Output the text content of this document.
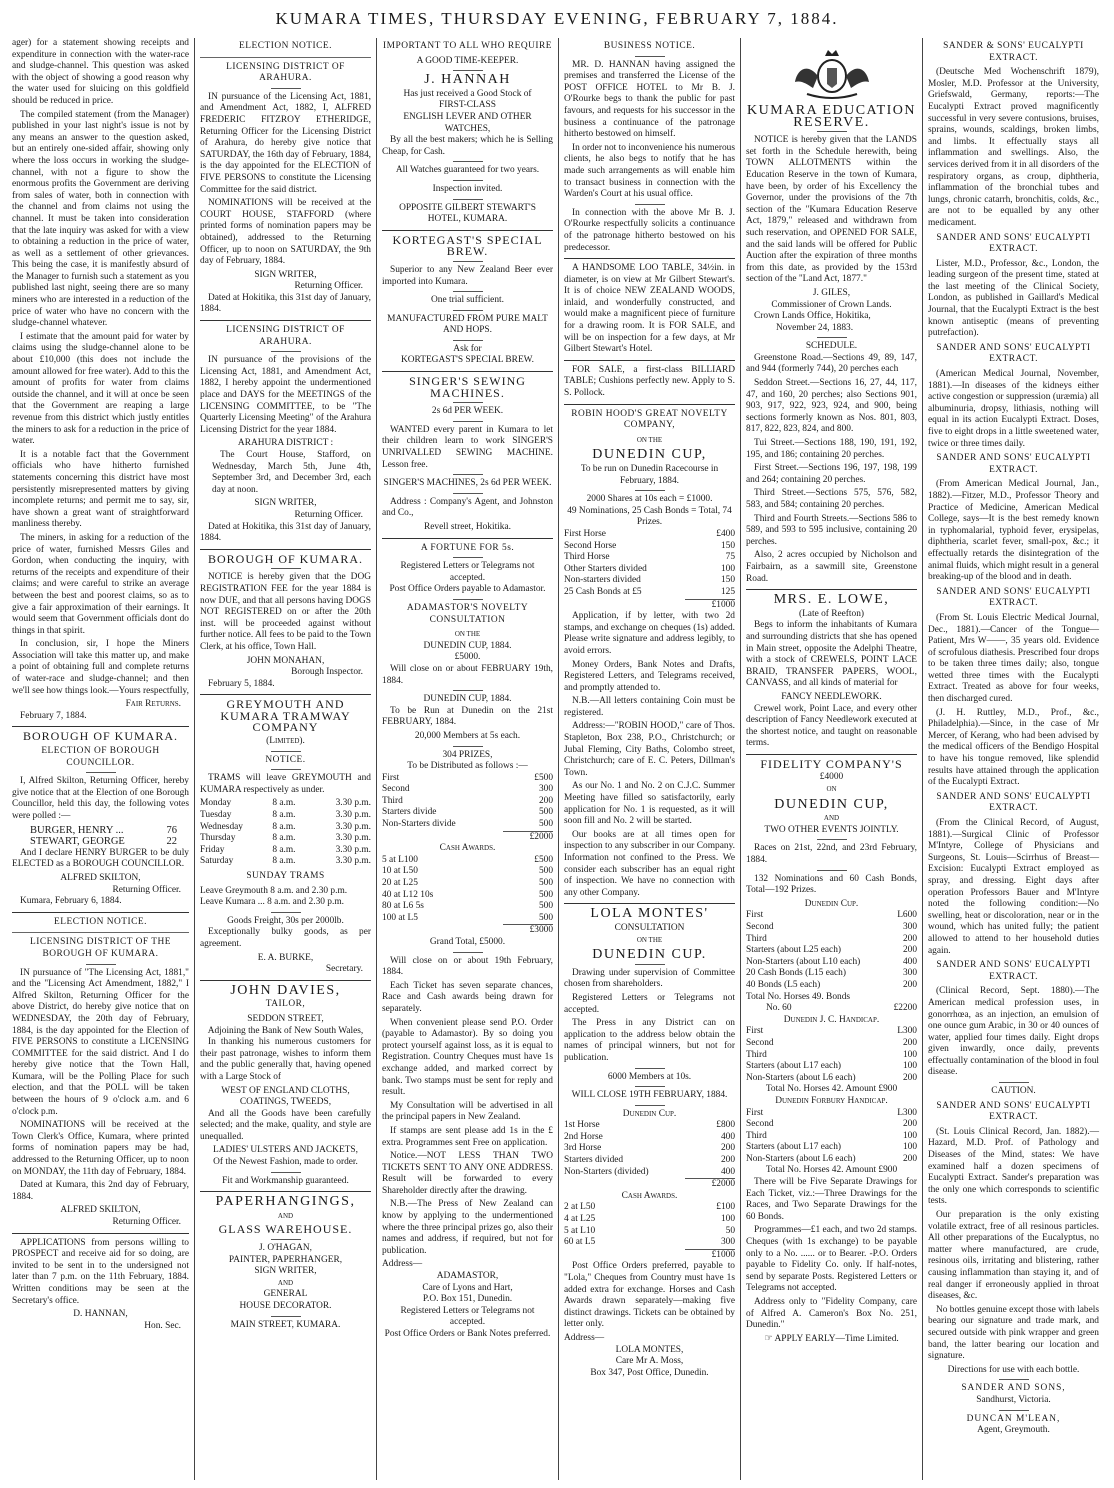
KUMARA TIMES, THURSDAY EVENING, FEBRUARY 7, 1884.

ager) for a statement showing receipts and expenditure in connection with the water-race and sludge-channel. This question was asked with the object of showing a good reason why the water used for sluicing on this goldfield should be reduced in price.

The compiled statement (from the Manager) published in your last night's issue is not by any means an answer to the question asked, but an entirely one-sided affair, showing only where the loss occurs in working the sludge-channel, with not a figure to show the enormous profits the Government are deriving from sales of water, both in connection with the channel and from claims not using the channel. It must be taken into consideration that the late inquiry was asked for with a view to obtaining a reduction in the price of water, as well as a settlement of other grievances. This being the case, it is manifestly absurd of the Manager to furnish such a statement as you published last night, seeing there are so many miners who are interested in a reduction of the price of water who have no concern with the sludge-channel whatever.

I estimate that the amount paid for water by claims using the sludge-channel alone to be about £10,000 (this does not include the amount allowed for free water). Add to this the amount of profits for water from claims outside the channel, and it will at once be seen that the Government are reaping a large revenue from this district which justly entitles the miners to ask for a reduction in the price of water.

It is a notable fact that the Government officials who have hitherto furnished statements concerning this district have most persistently misrepresented matters by giving incomplete returns; and permit me to say, sir, have shown a great want of straightforward manliness thereby.

The miners, in asking for a reduction of the price of water, furnished Messrs Giles and Gordon, when conducting the inquiry, with returns of the receipts and expenditure of their claims; and were careful to strike an average between the best and poorest claims, so as to give a fair approximation of their earnings. It would seem that Government officials dont do things in that spirit.

In conclusion, sir, I hope the Miners Association will take this matter up, and make a point of obtaining full and complete returns of water-race and sludge-channel; and then we'll see how things look.—Yours respectfully,

Fair Returns.
February 7, 1884.
BOROUGH OF KUMARA.
ELECTION OF BOROUGH COUNCILLOR.

I, Alfred Skilton, Returning Officer, hereby give notice that at the Election of one Borough Councillor, held this day, the following votes were polled :—

BURGER, HENRY ...	76
STEWART, GEORGE	22

And I declare HENRY BURGER to be duly ELECTED as a BOROUGH COUNCILLOR.

ALFRED SKILTON,
Returning Officer.
Kumara, February 6, 1884.
ELECTION NOTICE.
LICENSING DISTRICT OF THE BOROUGH OF KUMARA.

IN pursuance of "The Licensing Act, 1881," and the "Licensing Act Amendment, 1882," I Alfred Skilton, Returning Officer for the above District, do hereby give notice that on WEDNESDAY, the 20th day of February, 1884, is the day appointed for the Election of FIVE PERSONS to constitute a LICENSING COMMITTEE for the said district. And I do hereby give notice that the Town Hall, Kumara, will be the Polling Place for such election, and that the POLL will be taken between the hours of 9 o'clock a.m. and 6 o'clock p.m.

NOMINATIONS will be received at the Town Clerk's Office, Kumara, where printed forms of nomination papers may be had, addressed to the Returning Officer, up to noon on MONDAY, the 11th day of February, 1884.

Dated at Kumara, this 2nd day of February, 1884.

ALFRED SKILTON,
Returning Officer.

APPLICATIONS from persons willing to PROSPECT and receive aid for so doing, are invited to be sent in to the undersigned not later than 7 p.m. on the 11th February, 1884. Written conditions may be seen at the Secretary's office.

D. HANNAN,
Hon. Sec.
ELECTION NOTICE.
LICENSING DISTRICT OF ARAHURA.

IN pursuance of the Licensing Act, 1881, and Amendment Act, 1882, I, ALFRED FREDERIC FITZROY ETHERIDGE, Returning Officer for the Licensing District of Arahura, do hereby give notice that SATURDAY, the 16th day of February, 1884, is the day appointed for the ELECTION of FIVE PERSONS to constitute the Licensing Committee for the said district.

NOMINATIONS will be received at the COURT HOUSE, STAFFORD (where printed forms of nomination papers may be obtained), addressed to the Returning Officer, up to noon on SATURDAY, the 9th day of February, 1884.

SIGN WRITER,
Returning Officer.

Dated at Hokitika, this 31st day of January, 1884.

LICENSING DISTRICT OF ARAHURA.

IN pursuance of the provisions of the Licensing Act, 1881, and Amendment Act, 1882, I hereby appoint the undermentioned place and DAYS for the MEETINGS of the LICENSING COMMITTEE, to be "The Quarterly Licensing Meeting" of the Arahura Licensing District for the year 1884.

ARAHURA DISTRICT :

The Court House, Stafford, on Wednesday, March 5th, June 4th, September 3rd, and December 3rd, each day at noon.

SIGN WRITER,
Returning Officer.

Dated at Hokitika, this 31st day of January, 1884.

BOROUGH OF KUMARA.

NOTICE is hereby given that the DOG REGISTRATION FEE for the year 1884 is now DUE, and that all persons having DOGS NOT REGISTERED on or after the 20th inst. will be proceeded against without further notice. All fees to be paid to the Town Clerk, at his office, Town Hall.

JOHN MONAHAN,
Borough Inspector.
February 5, 1884.
GREYMOUTH AND KUMARA TRAMWAY COMPANY
(Limited).
NOTICE.

TRAMS will leave GREYMOUTH and KUMARA respectively as under.

Monday	8 a.m.	3.30 p.m.
Tuesday	8 a.m.	3.30 p.m.
Wednesday	8 a.m.	3.30 p.m.
Thursday	8 a.m.	3.30 p.m.
Friday	8 a.m.	3.30 p.m.
Saturday	8 a.m.	3.30 p.m.
SUNDAY TRAMS
Leave Greymouth 8 a.m. and 2.30 p.m.
Leave Kumara ... 8 a.m. and 2.30 p.m.
Goods Freight, 30s per 2000lb.

Exceptionally bulky goods, as per agreement.

E. A. BURKE,
Secretary.
JOHN DAVIES,
TAILOR,
SEDDON STREET,
Adjoining the Bank of New South Wales,

In thanking his numerous customers for their past patronage, wishes to inform them and the public generally that, having opened with a Large Stock of

WEST OF ENGLAND CLOTHS, COATINGS, TWEEDS,

And all the Goods have been carefully selected; and the make, quality, and style are unequalled.

LADIES' ULSTERS AND JACKETS,
Of the Newest Fashion, made to order.
Fit and Workmanship guaranteed.
PAPERHANGINGS,
AND
GLASS WAREHOUSE.
J. O'HAGAN,
PAINTER, PAPERHANGER,
SIGN WRITER,
AND
GENERAL
HOUSE DECORATOR.
MAIN STREET, KUMARA.
IMPORTANT TO ALL WHO REQUIRE
A GOOD TIME-KEEPER.
J. HANNAH
Has just received a Good Stock of
FIRST-CLASS
ENGLISH LEVER AND OTHER WATCHES,

By all the best makers; which he is Selling Cheap, for Cash.

All Watches guaranteed for two years.
Inspection invited.
OPPOSITE GILBERT STEWART'S HOTEL, KUMARA.
KORTEGAST'S SPECIAL BREW.

Superior to any New Zealand Beer ever imported into Kumara.

One trial sufficient.
MANUFACTURED FROM PURE MALT AND HOPS.
Ask for
KORTEGAST'S SPECIAL BREW.
SINGER'S SEWING MACHINES.
2s 6d PER WEEK.

WANTED every parent in Kumara to let their children learn to work SINGER'S UNRIVALLED SEWING MACHINE. Lesson free.

SINGER'S MACHINES, 2s 6d PER WEEK.

Address : Company's Agent, and Johnston and Co.,

Revell street, Hokitika.
A FORTUNE FOR 5s.
Registered Letters or Telegrams not accepted.
Post Office Orders payable to Adamastor.
ADAMASTOR'S NOVELTY CONSULTATION
ON THE
DUNEDIN CUP, 1884.
£5000.

Will close on or about FEBRUARY 19th, 1884.

DUNEDIN CUP, 1884.

To be Run at Dunedin on the 21st FEBRUARY, 1884.

20,000 Members at 5s each.
304 PRIZES,
To be Distributed as follows :—
First	£500
Second	300
Third	200
Starters divide	500
Non-Starters divide	500
£2000
Cash Awards.
5 at L100	£500
10 at L50	500
20 at L25	500
40 at L12 10s	500
80 at L6 5s	500
100 at L5	500
£3000
Grand Total, £5000.

Will close on or about 19th February, 1884.

Each Ticket has seven separate chances, Race and Cash awards being drawn for separately.

When convenient please send P.O. Order (payable to Adamastor). By so doing you protect yourself against loss, as it is equal to Registration. Country Cheques must have 1s exchange added, and marked correct by bank. Two stamps must be sent for reply and result.

My Consultation will be advertised in all the principal papers in New Zealand.

If stamps are sent please add 1s in the £ extra. Programmes sent Free on application.

Notice.—NOT LESS THAN TWO TICKETS SENT TO ANY ONE ADDRESS. Result will be forwarded to every Shareholder directly after the drawing.

N.B.—The Press of New Zealand can know by applying to the undermentioned where the three principal prizes go, also their names and address, if required, but not for publication.

Address—
ADAMASTOR,
Care of Lyons and Hart,
P.O. Box 151, Dunedin.
Registered Letters or Telegrams not accepted.
Post Office Orders or Bank Notes preferred.
BUSINESS NOTICE.

MR. D. HANNAN having assigned the premises and transferred the License of the POST OFFICE HOTEL to Mr B. J. O'Rourke begs to thank the public for past favours, and requests for his successor in the business a continuance of the patronage hitherto bestowed on himself.

In order not to inconvenience his numerous clients, he also begs to notify that he has made such arrangements as will enable him to transact business in connection with the Warden's Court at his usual office.

In connection with the above Mr B. J. O'Rourke respectfully solicits a continuance of the patronage hitherto bestowed on his predecessor.

A HANDSOME LOO TABLE, 34½in. in diameter, is on view at Mr Gilbert Stewart's. It is of choice NEW ZEALAND WOODS, inlaid, and wonderfully constructed, and would make a magnificent piece of furniture for a drawing room. It is FOR SALE, and will be on inspection for a few days, at Mr Gilbert Stewart's Hotel.

FOR SALE, a first-class BILLIARD TABLE; Cushions perfectly new. Apply to S. S. Pollock.

ROBIN HOOD'S GREAT NOVELTY COMPANY,
ON THE
DUNEDIN CUP,
To be run on Dunedin Racecourse in February, 1884.
2000 Shares at 10s each = £1000.
49 Nominations, 25 Cash Bonds = Total, 74 Prizes.
First Horse	£400
Second Horse	150
Third Horse	75
Other Starters divided	100
Non-starters divided	150
25 Cash Bonds at £5	125
£1000

Application, if by letter, with two 2d stamps, and exchange on cheques (1s) added. Please write signature and address legibly, to avoid errors.

Money Orders, Bank Notes and Drafts, Registered Letters, and Telegrams received, and promptly attended to.

N.B.—All letters containing Coin must be registered.

Address:—"ROBIN HOOD," care of Thos. Stapleton, Box 238, P.O., Christchurch; or Jubal Fleming, City Baths, Colombo street, Christchurch; care of E. C. Peters, Dillman's Town.

As our No. 1 and No. 2 on C.J.C. Summer Meeting have filled so satisfactorily, early application for No. 1 is requested, as it will soon fill and No. 2 will be started.

Our books are at all times open for inspection to any subscriber in our Company. Information not confined to the Press. We consider each subscriber has an equal right of inspection. We have no connection with any other Company.

LOLA MONTES'
CONSULTATION
ON THE
DUNEDIN CUP.

Drawing under supervision of Committee chosen from shareholders.

Registered Letters or Telegrams not accepted.

The Press in any District can on application to the address below obtain the names of principal winners, but not for publication.

6000 Members at 10s.
WILL CLOSE 19TH FEBRUARY, 1884.
Dunedin Cup.
1st Horse	£800
2nd Horse	400
3rd Horse	200
Starters divided	200
Non-Starters (divided)	400
£2000
Cash Awards.
2 at L50	£100
4 at L25	100
5 at L10	50
60 at L5	300
£1000

Post Office Orders preferred, payable to "Lola," Cheques from Country must have 1s added extra for exchange. Horses and Cash Awards drawn separately—making five distinct drawings. Tickets can be obtained by letter only.

Address—
LOLA MONTES,
Care Mr A. Moss,
Box 347, Post Office, Dunedin.
KUMARA EDUCATION RESERVE.

NOTICE is hereby given that the LANDS set forth in the Schedule herewith, being TOWN ALLOTMENTS within the Education Reserve in the town of Kumara, have been, by order of his Excellency the Governor, under the provisions of the 7th section of the "Kumara Education Reserve Act, 1879," released and withdrawn from such reservation, and OPENED FOR SALE, and the said lands will be offered for Public Auction after the expiration of three months from this date, as provided by the 153rd section of the "Land Act, 1877."

J. GILES,
Commissioner of Crown Lands.
Crown Lands Office, Hokitika,
November 24, 1883.
SCHEDULE.

Greenstone Road.—Sections 49, 89, 147, and 944 (formerly 744), 20 perches each

Seddon Street.—Sections 16, 27, 44, 117, 47, and 160, 20 perches; also Sections 901, 903, 917, 922, 923, 924, and 900, being sections formerly known as Nos. 801, 803, 817, 822, 823, 824, and 800.

Tui Street.—Sections 188, 190, 191, 192, 195, and 186; containing 20 perches.

First Street.—Sections 196, 197, 198, 199 and 264; containing 20 perches.

Third Street.—Sections 575, 576, 582, 583, and 584; containing 20 perches.

Third and Fourth Streets.—Sections 586 to 589, and 593 to 595 inclusive, containing 20 perches.

Also, 2 acres occupied by Nicholson and Fairbairn, as a sawmill site, Greenstone Road.

MRS. E. LOWE,
(Late of Reefton)

Begs to inform the inhabitants of Kumara and surrounding districts that she has opened in Main street, opposite the Adelphi Theatre, with a stock of CREWELS, POINT LACE BRAID, TRANSFER PAPERS, WOOL, CANVASS, and all kinds of material for

FANCY NEEDLEWORK.

Crewel work, Point Lace, and every other description of Fancy Needlework executed at the shortest notice, and taught on reasonable terms.

FIDELITY COMPANY'S
£4000
ON
DUNEDIN CUP,
AND
TWO OTHER EVENTS JOINTLY.

Races on 21st, 22nd, and 23rd February, 1884.

132 Nominations and 60 Cash Bonds, Total—192 Prizes.

Dunedin Cup.
First	L600
Second	300
Third	200
Starters (about L25 each)	200
Non-Starters (about L10 each)	400
20 Cash Bonds (L15 each)	300
40 Bonds (L5 each)	200
Total No. Horses 49. Bonds
No. 60	£2200
Dunedin J. C. Handicap.
First	L300
Second	200
Third	100
Starters (about L17 each)	100
Non-Starters (about L6 each)	200
Total No. Horses 42. Amount £900
Dunedin Forbury Handicap.
First	L300
Second	200
Third	100
Starters (about L17 each)	100
Non-Starters (about L6 each)	200
Total No. Horses 42. Amount £900

There will be Five Separate Drawings for Each Ticket, viz.:—Three Drawings for the Races, and Two Separate Drawings for the 60 Bonds.

Programmes—£1 each, and two 2d stamps. Cheques (with 1s exchange) to be payable only to a No. ...... or to Bearer. -P.O. Orders payable to Fidelity Co. only. If half-notes, send by separate Posts. Registered Letters or Telegrams not accepted.

Address only to "Fidelity Company, care of Alfred A. Cameron's Box No. 251, Dunedin."

☞ APPLY EARLY—Time Limited.
SANDER & SONS' EUCALYPTI EXTRACT.

(Deutsche Med Wochenschrift 1879), Mosler, M.D. Professor at the University, Griefswald, Germany, reports:—The Eucalypti Extract proved magnificently successful in very severe contusions, bruises, sprains, wounds, scaldings, broken limbs, and limbs. It effectually stays all inflammation and swellings. Also, the services derived from it in all disorders of the respiratory organs, as croup, diphtheria, inflammation of the bronchial tubes and lungs, chronic catarrh, bronchitis, colds, &c., are not to be equalled by any other medicament.

SANDER AND SONS' EUCALYPTI EXTRACT.

Lister, M.D., Professor, &c., London, the leading surgeon of the present time, stated at the last meeting of the Clinical Society, London, as published in Gaillard's Medical Journal, that the Eucalypti Extract is the best known antiseptic (means of preventing putrefaction).

SANDER AND SONS' EUCALYPTI EXTRACT.

(American Medical Journal, November, 1881).—In diseases of the kidneys either active congestion or suppression (uræmia) all albuminuria, dropsy, lithiasis, nothing will equal in its action Eucalypti Extract. Doses, five to eight drops in a little sweetened water, twice or three times daily.

SANDER AND SONS' EUCALYPTI EXTRACT.

(From American Medical Journal, Jan., 1882).—Fitzer, M.D., Professor Theory and Practice of Medicine, American Medical College, says—It is the best remedy known in typhomalarial, typhoid fever, erysipelas, diphtheria, scarlet fever, small-pox, &c.; it effectually retards the disintegration of the animal fluids, which might result in a general breaking-up of the blood and in death.

SANDER AND SONS' EUCALYPTI EXTRACT.

(From St. Louis Electric Medical Journal, Dec., 1881).—Cancer of the Tongue—Patient, Mrs W——, 35 years old. Evidence of scrofulous diathesis. Prescribed four drops to be taken three times daily; also, tongue wetted three times with the Eucalypti Extract. Treated as above for four weeks, then discharged cured.

(J. H. Ruttley, M.D., Prof., &c., Philadelphia).—Since, in the case of Mr Mercer, of Kerang, who had been advised by the medical officers of the Bendigo Hospital to have his tongue removed, like splendid results have attained through the application of the Eucalypti Extract.

SANDER AND SONS' EUCALYPTI EXTRACT.

(From the Clinical Record, of August, 1881).—Surgical Clinic of Professor M'Intyre, College of Physicians and Surgeons, St. Louis—Scirrhus of Breast—Excision: Eucalypti Extract employed as spray, and dressing. Eight days after operation Professors Bauer and M'Intyre noted the following condition:—No swelling, heat or discoloration, near or in the wound, which has united fully; the patient allowed to attend to her household duties again.

SANDER AND SONS' EUCALYPTI EXTRACT.

(Clinical Record, Sept. 1880).—The American medical profession uses, in gonorrhœa, as an injection, an emulsion of one ounce gum Arabic, in 30 or 40 ounces of water, applied four times daily. Eight drops given inwardly, once daily, prevents effectually contamination of the blood in foul disease.

CAUTION.
SANDER AND SONS' EUCALYPTI EXTRACT.

(St. Louis Clinical Record, Jan. 1882).—Hazard, M.D. Prof. of Pathology and Diseases of the Mind, states: We have examined half a dozen specimens of Eucalypti Extract. Sander's preparation was the only one which corresponds to scientific tests.

Our preparation is the only existing volatile extract, free of all resinous particles. All other preparations of the Eucalyptus, no matter where manufactured, are crude, resinous oils, irritating and blistering, rather causing inflammation than staying it, and of real danger if erroneously applied in throat diseases, &c.

No bottles genuine except those with labels bearing our signature and trade mark, and secured outside with pink wrapper and green band, the latter bearing our location and signature.

Directions for use with each bottle.
SANDER AND SONS,
Sandhurst, Victoria.
DUNCAN M'LEAN,
Agent, Greymouth.
